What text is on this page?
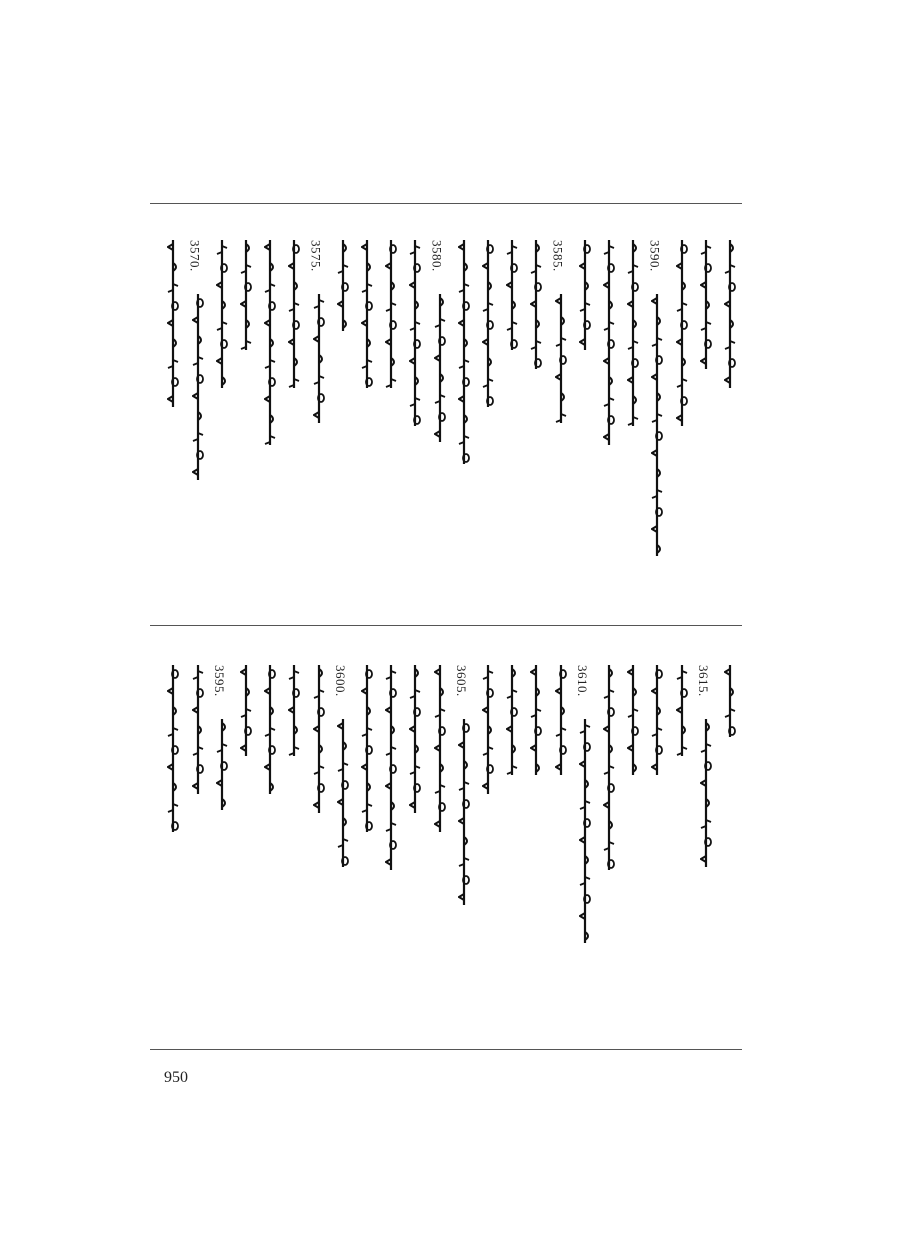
3590.
3585.
3580.
3575.
3570.
3615.
3610.
3605.
3600.
3595.
950
